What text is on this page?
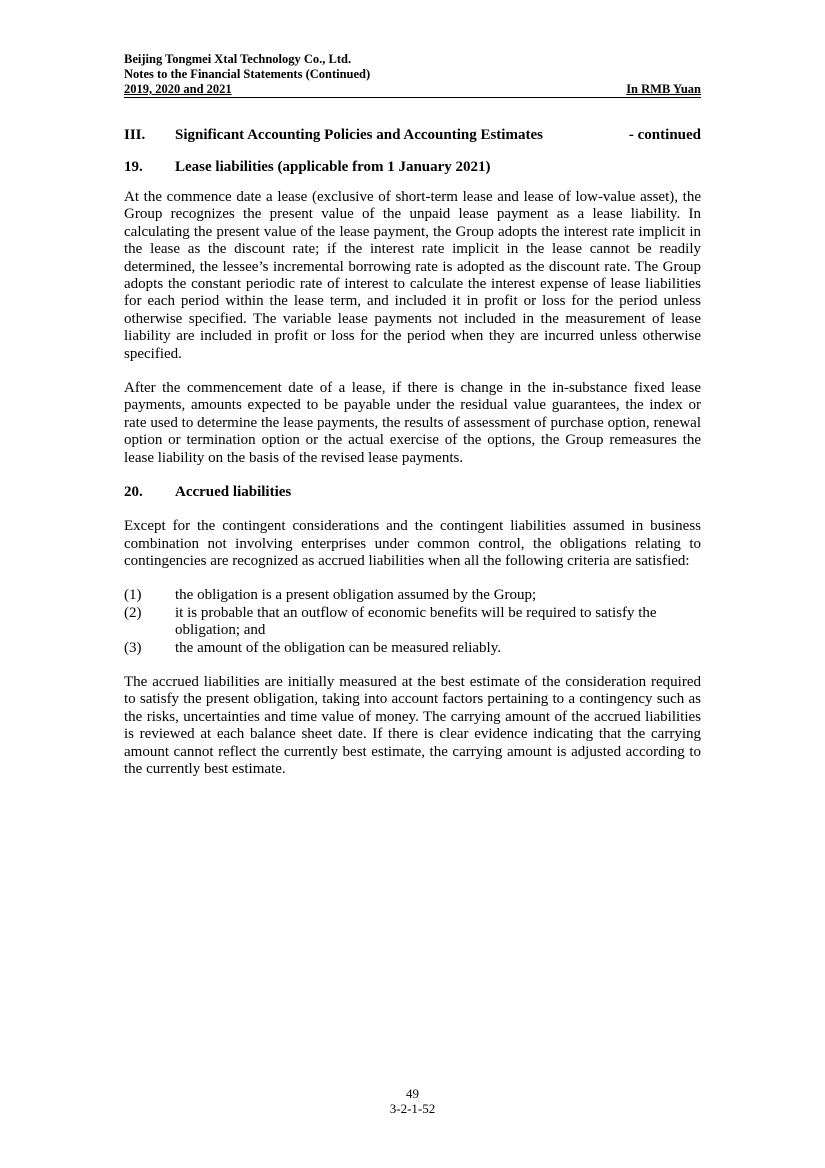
Beijing Tongmei Xtal Technology Co., Ltd.
Notes to the Financial Statements (Continued)
2019, 2020 and 2021	In RMB Yuan
III.	Significant Accounting Policies and Accounting Estimates	- continued
19.	Lease liabilities (applicable from 1 January 2021)
At the commence date a lease (exclusive of short-term lease and lease of low-value asset), the Group recognizes the present value of the unpaid lease payment as a lease liability. In calculating the present value of the lease payment, the Group adopts the interest rate implicit in the lease as the discount rate; if the interest rate implicit in the lease cannot be readily determined, the lessee’s incremental borrowing rate is adopted as the discount rate. The Group adopts the constant periodic rate of interest to calculate the interest expense of lease liabilities for each period within the lease term, and included it in profit or loss for the period unless otherwise specified. The variable lease payments not included in the measurement of lease liability are included in profit or loss for the period when they are incurred unless otherwise specified.
After the commencement date of a lease, if there is change in the in-substance fixed lease payments, amounts expected to be payable under the residual value guarantees, the index or rate used to determine the lease payments, the results of assessment of purchase option, renewal option or termination option or the actual exercise of the options, the Group remeasures the lease liability on the basis of the revised lease payments.
20.	Accrued liabilities
Except for the contingent considerations and the contingent liabilities assumed in business combination not involving enterprises under common control, the obligations relating to contingencies are recognized as accrued liabilities when all the following criteria are satisfied:
(1)	the obligation is a present obligation assumed by the Group;
(2)	it is probable that an outflow of economic benefits will be required to satisfy the obligation; and
(3)	the amount of the obligation can be measured reliably.
The accrued liabilities are initially measured at the best estimate of the consideration required to satisfy the present obligation, taking into account factors pertaining to a contingency such as the risks, uncertainties and time value of money. The carrying amount of the accrued liabilities is reviewed at each balance sheet date. If there is clear evidence indicating that the carrying amount cannot reflect the currently best estimate, the carrying amount is adjusted according to the currently best estimate.
49
3-2-1-52
